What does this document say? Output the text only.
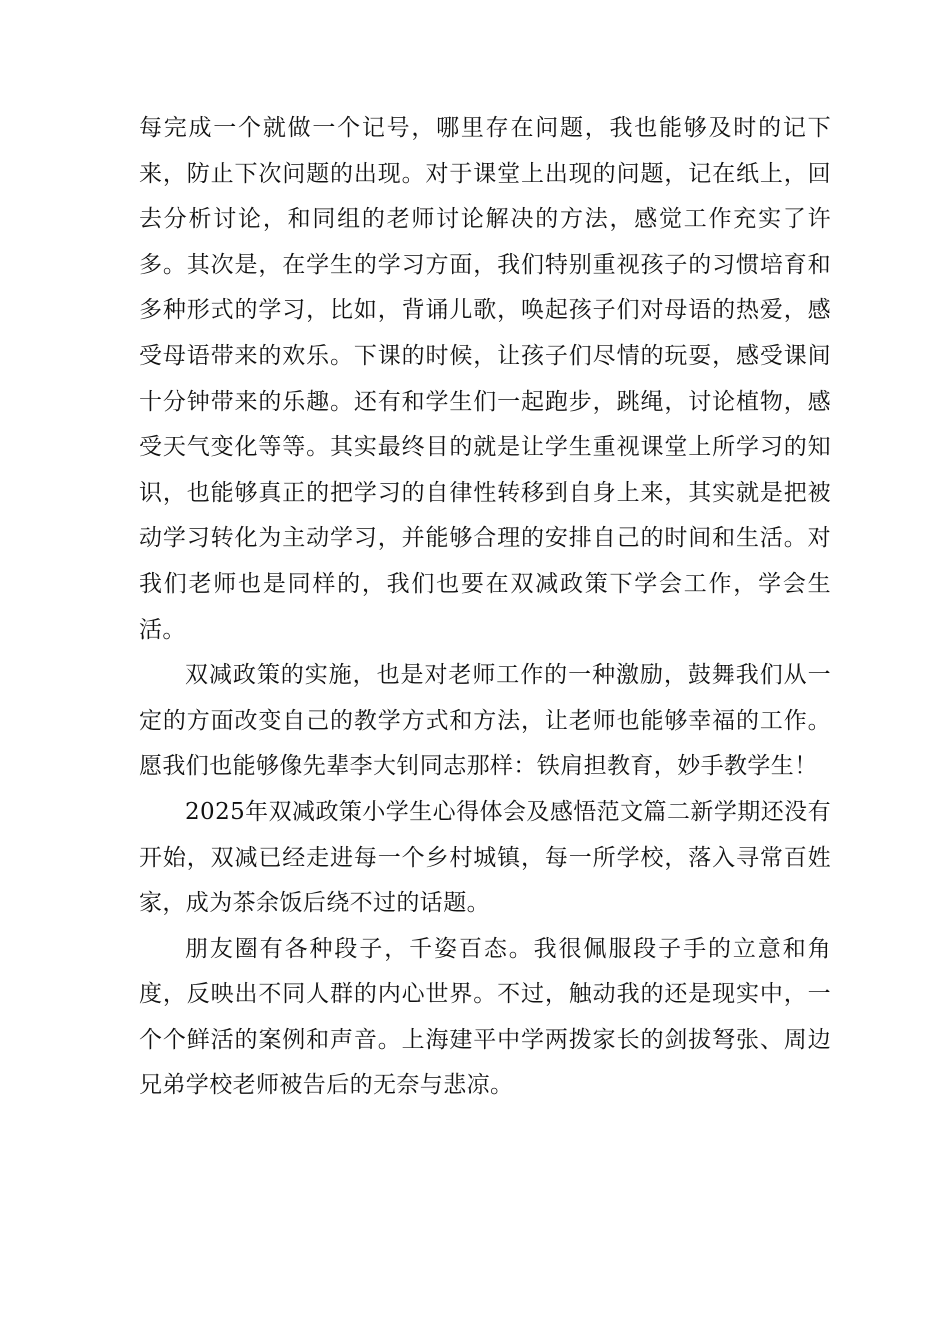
每完成一个就做一个记号，哪里存在问题，我也能够及时的记下来，防止下次问题的出现。对于课堂上出现的问题，记在纸上，回去分析讨论，和同组的老师讨论解决的方法，感觉工作充实了许多。其次是，在学生的学习方面，我们特别重视孩子的习惯培育和多种形式的学习，比如，背诵儿歌，唤起孩子们对母语的热爱，感受母语带来的欢乐。下课的时候，让孩子们尽情的玩耍，感受课间十分钟带来的乐趣。还有和学生们一起跑步，跳绳，讨论植物，感受天气变化等等。其实最终目的就是让学生重视课堂上所学习的知识，也能够真正的把学习的自律性转移到自身上来，其实就是把被动学习转化为主动学习，并能够合理的安排自己的时间和生活。对我们老师也是同样的，我们也要在双减政策下学会工作，学会生活。

双减政策的实施，也是对老师工作的一种激励，鼓舞我们从一定的方面改变自己的教学方式和方法，让老师也能够幸福的工作。愿我们也能够像先辈李大钊同志那样：铁肩担教育，妙手教学生！

2025年双减政策小学生心得体会及感悟范文篇二新学期还没有开始，双减已经走进每一个乡村城镇，每一所学校，落入寻常百姓家，成为茶余饭后绕不过的话题。

朋友圈有各种段子，千姿百态。我很佩服段子手的立意和角度，反映出不同人群的内心世界。不过，触动我的还是现实中，一个个鲜活的案例和声音。上海建平中学两拨家长的剑拔弩张、周边兄弟学校老师被告后的无奈与悲凉。
